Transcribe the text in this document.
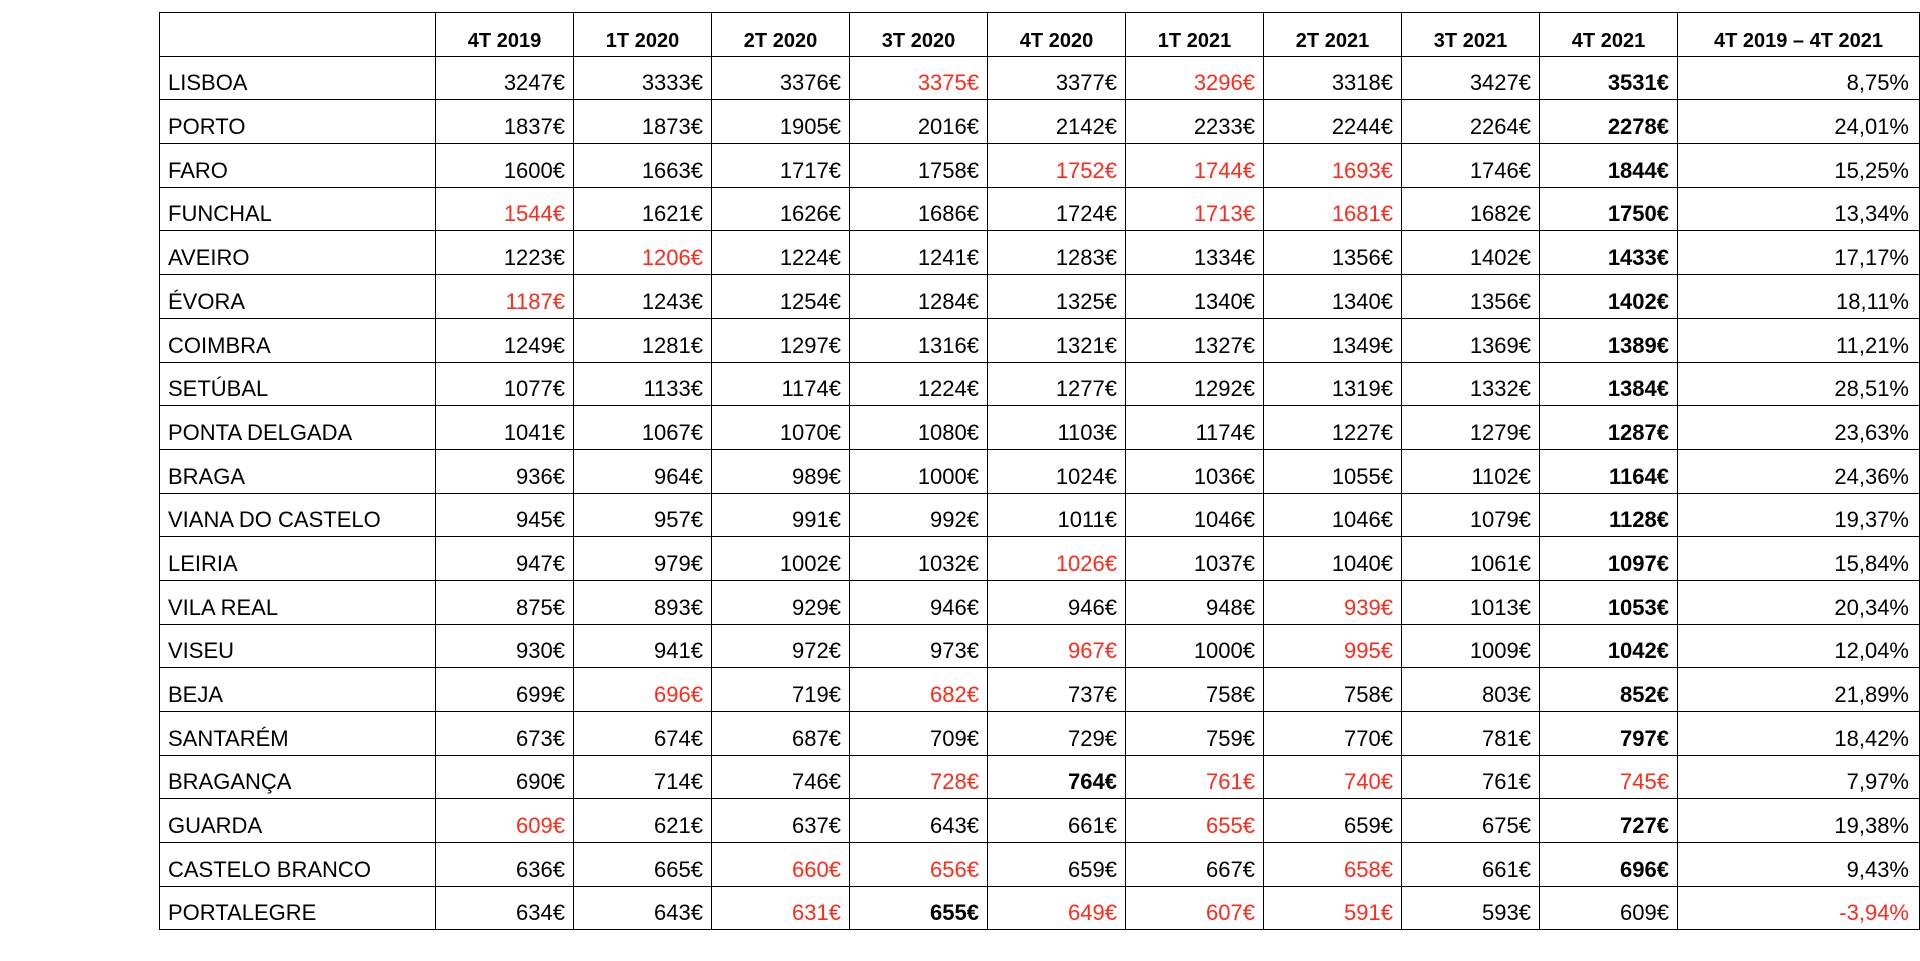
	4T 2019	1T 2020	2T 2020	3T 2020	4T 2020	1T 2021	2T 2021	3T 2021	4T 2021	4T 2019 – 4T 2021
LISBOA	3247€	3333€	3376€	3375€	3377€	3296€	3318€	3427€	3531€	8,75%
PORTO	1837€	1873€	1905€	2016€	2142€	2233€	2244€	2264€	2278€	24,01%
FARO	1600€	1663€	1717€	1758€	1752€	1744€	1693€	1746€	1844€	15,25%
FUNCHAL	1544€	1621€	1626€	1686€	1724€	1713€	1681€	1682€	1750€	13,34%
AVEIRO	1223€	1206€	1224€	1241€	1283€	1334€	1356€	1402€	1433€	17,17%
ÉVORA	1187€	1243€	1254€	1284€	1325€	1340€	1340€	1356€	1402€	18,11%
COIMBRA	1249€	1281€	1297€	1316€	1321€	1327€	1349€	1369€	1389€	11,21%
SETÚBAL	1077€	1133€	1174€	1224€	1277€	1292€	1319€	1332€	1384€	28,51%
PONTA DELGADA	1041€	1067€	1070€	1080€	1103€	1174€	1227€	1279€	1287€	23,63%
BRAGA	936€	964€	989€	1000€	1024€	1036€	1055€	1102€	1164€	24,36%
VIANA DO CASTELO	945€	957€	991€	992€	1011€	1046€	1046€	1079€	1128€	19,37%
LEIRIA	947€	979€	1002€	1032€	1026€	1037€	1040€	1061€	1097€	15,84%
VILA REAL	875€	893€	929€	946€	946€	948€	939€	1013€	1053€	20,34%
VISEU	930€	941€	972€	973€	967€	1000€	995€	1009€	1042€	12,04%
BEJA	699€	696€	719€	682€	737€	758€	758€	803€	852€	21,89%
SANTARÉM	673€	674€	687€	709€	729€	759€	770€	781€	797€	18,42%
BRAGANÇA	690€	714€	746€	728€	764€	761€	740€	761€	745€	7,97%
GUARDA	609€	621€	637€	643€	661€	655€	659€	675€	727€	19,38%
CASTELO BRANCO	636€	665€	660€	656€	659€	667€	658€	661€	696€	9,43%
PORTALEGRE	634€	643€	631€	655€	649€	607€	591€	593€	609€	-3,94%
